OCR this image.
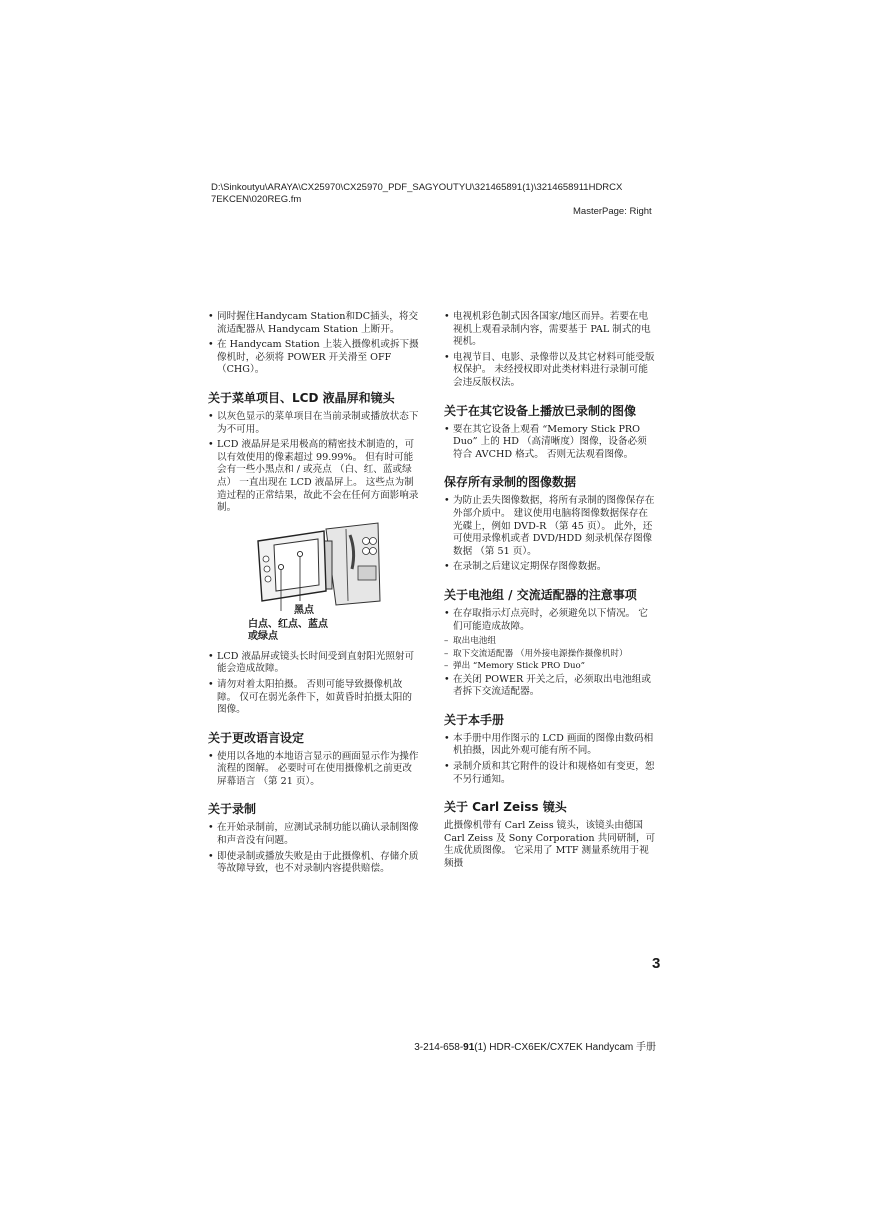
D:\Sinkoutyu\ARAYA\CX25970\CX25970_PDF_SAGYOUTYU\321465891(1)\3214658911HDRCX
7EKCEN\020REG.fm
MasterPage: Right
• 同时握住Handycam Station和DC插头，将交流适配器从 Handycam Station 上断开。
• 在 Handycam Station 上装入摄像机或拆下摄像机时，必须将 POWER 开关滑至 OFF（CHG）。
关于菜单项目、LCD 液晶屏和镜头
• 以灰色显示的菜单项目在当前录制或播放状态下为不可用。
• LCD 液晶屏是采用极高的精密技术制造的，可以有效使用的像素超过 99.99%。 但有时可能会有一些小黑点和 / 或亮点 （白、红、蓝或绿点） 一直出现在 LCD 液晶屏上。 这些点为制造过程的正常结果，故此不会在任何方面影响录制。
黑点
白点、红点、蓝点
或绿点
• LCD 液晶屏或镜头长时间受到直射阳光照射可能会造成故障。
• 请勿对着太阳拍摄。 否则可能导致摄像机故障。 仅可在弱光条件下，如黄昏时拍摄太阳的图像。
关于更改语言设定
• 使用以各地的本地语言显示的画面显示作为操作流程的图解。 必要时可在使用摄像机之前更改屏幕语言 （第 21 页）。
关于录制
• 在开始录制前，应测试录制功能以确认录制图像和声音没有问题。
• 即使录制或播放失败是由于此摄像机、存储介质等故障导致，也不对录制内容提供赔偿。
• 电视机彩色制式因各国家/地区而异。若要在电视机上观看录制内容，需要基于 PAL 制式的电视机。
• 电视节目、电影、录像带以及其它材料可能受版权保护。 未经授权即对此类材料进行录制可能会违反版权法。
关于在其它设备上播放已录制的图像
• 要在其它设备上观看 “Memory Stick PRO Duo” 上的 HD （高清晰度）图像，设备必须符合 AVCHD 格式。 否则无法观看图像。
保存所有录制的图像数据
• 为防止丢失图像数据，将所有录制的图像保存在外部介质中。 建议使用电脑将图像数据保存在光碟上，例如 DVD-R （第 45 页）。 此外，还可使用录像机或者 DVD/HDD 刻录机保存图像数据 （第 51 页）。
• 在录制之后建议定期保存图像数据。
关于电池组 / 交流适配器的注意事项
• 在存取指示灯点亮时，必须避免以下情况。 它们可能造成故障。
– 取出电池组
– 取下交流适配器 （用外接电源操作摄像机时）
– 弹出 “Memory Stick PRO Duo”
• 在关闭 POWER 开关之后，必须取出电池组或者拆下交流适配器。
关于本手册
• 本手册中用作图示的 LCD 画面的图像由数码相机拍摄，因此外观可能有所不同。
• 录制介质和其它附件的设计和规格如有变更，恕不另行通知。
关于 Carl Zeiss 镜头

此摄像机带有 Carl Zeiss 镜头，该镜头由德国 Carl Zeiss 及 Sony Corporation 共同研制，可生成优质图像。 它采用了 MTF 测量系统用于视频摄

3
3-214-658-91(1) HDR-CX6EK/CX7EK Handycam 手册
